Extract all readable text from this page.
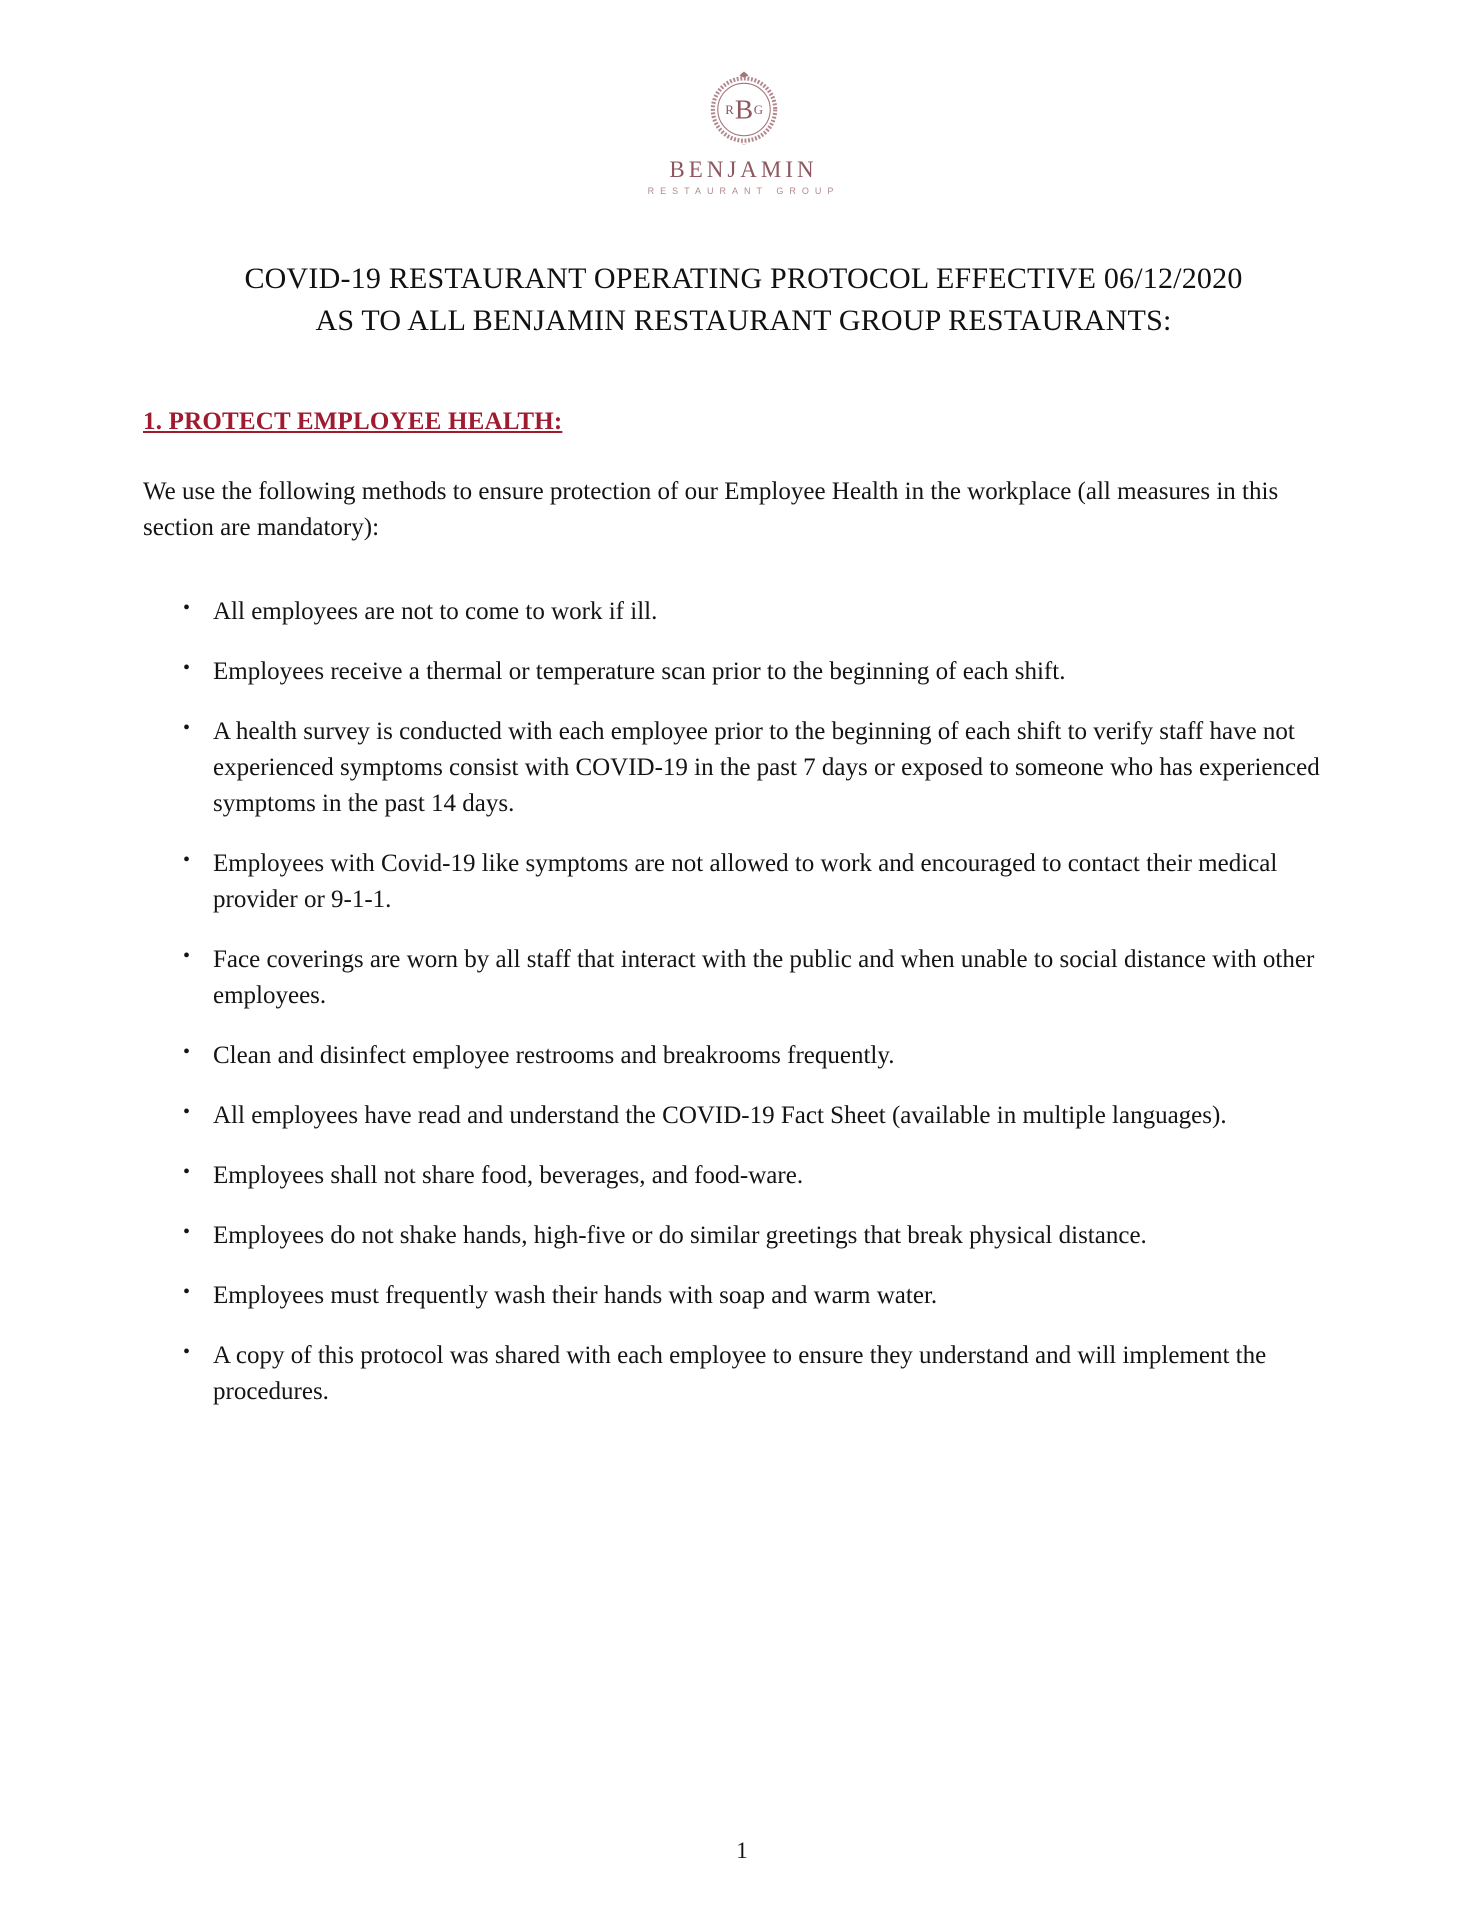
R B G
BENJAMIN
RESTAURANT GROUP
COVID-19 RESTAURANT OPERATING PROTOCOL EFFECTIVE 06/12/2020
AS TO ALL BENJAMIN RESTAURANT GROUP RESTAURANTS:
1. PROTECT EMPLOYEE HEALTH:

We use the following methods to ensure protection of our Employee Health in the workplace (all measures in this section are mandatory):

• All employees are not to come to work if ill.
• Employees receive a thermal or temperature scan prior to the beginning of each shift.
• A health survey is conducted with each employee prior to the beginning of each shift to verify staff have not experienced symptoms consist with COVID-19 in the past 7 days or exposed to someone who has experienced symptoms in the past 14 days.
• Employees with Covid-19 like symptoms are not allowed to work and encouraged to contact their medical provider or 9-1-1.
• Face coverings are worn by all staff that interact with the public and when unable to social distance with other employees.
• Clean and disinfect employee restrooms and breakrooms frequently.
• All employees have read and understand the COVID-19 Fact Sheet (available in multiple languages).
• Employees shall not share food, beverages, and food-ware.
• Employees do not shake hands, high-five or do similar greetings that break physical distance.
• Employees must frequently wash their hands with soap and warm water.
• A copy of this protocol was shared with each employee to ensure they understand and will implement the procedures.
1
